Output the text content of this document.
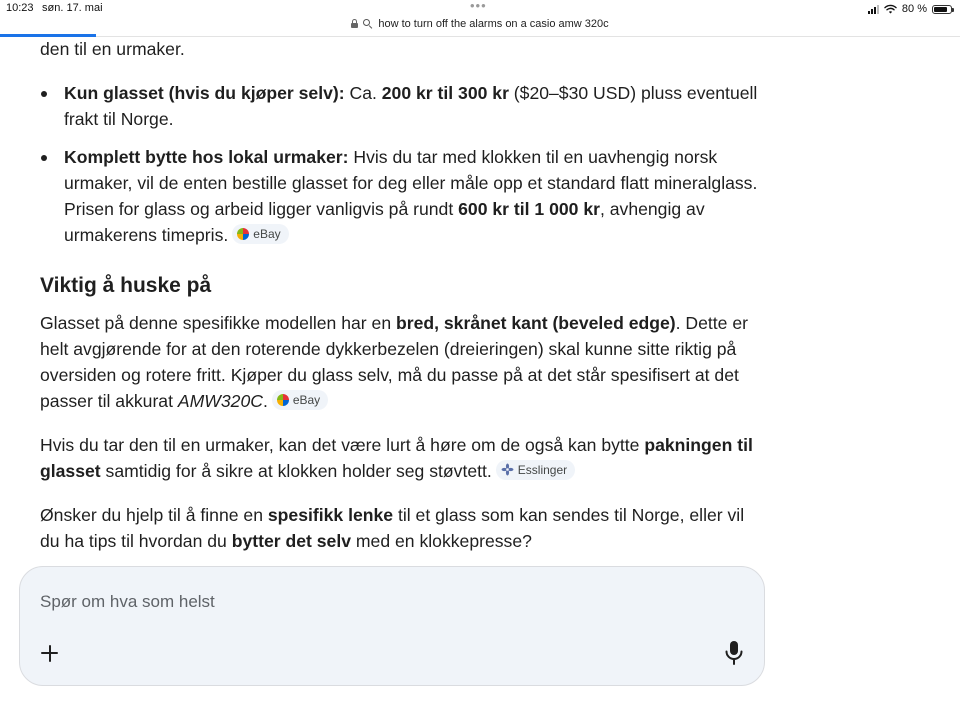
10:23 søn. 17. mai	•••	80 %
how to turn off the alarms on a casio amw 320c

den til en urmaker.

Kun glasset (hvis du kjøper selv): Ca. 200 kr til 300 kr ($20–$30 USD) pluss eventuell frakt til Norge.
Komplett bytte hos lokal urmaker: Hvis du tar med klokken til en uavhengig norsk urmaker, vil de enten bestille glasset for deg eller måle opp et standard flatt mineralglass. Prisen for glass og arbeid ligger vanligvis på rundt 600 kr til 1 000 kr, avhengig av urmakerens timepris. eBay
Viktig å huske på

Glasset på denne spesifikke modellen har en bred, skrånet kant (beveled edge). Dette er helt avgjørende for at den roterende dykkerbezelen (dreieringen) skal kunne sitte riktig på oversiden og rotere fritt. Kjøper du glass selv, må du passe på at det står spesifisert at det passer til akkurat AMW320C. eBay

Hvis du tar den til en urmaker, kan det være lurt å høre om de også kan bytte pakningen til glasset samtidig for å sikre at klokken holder seg støvtett. Esslinger

Ønsker du hjelp til å finne en spesifikk lenke til et glass som kan sendes til Norge, eller vil du ha tips til hvordan du bytter det selv med en klokkepresse?

Spør om hva som helst
